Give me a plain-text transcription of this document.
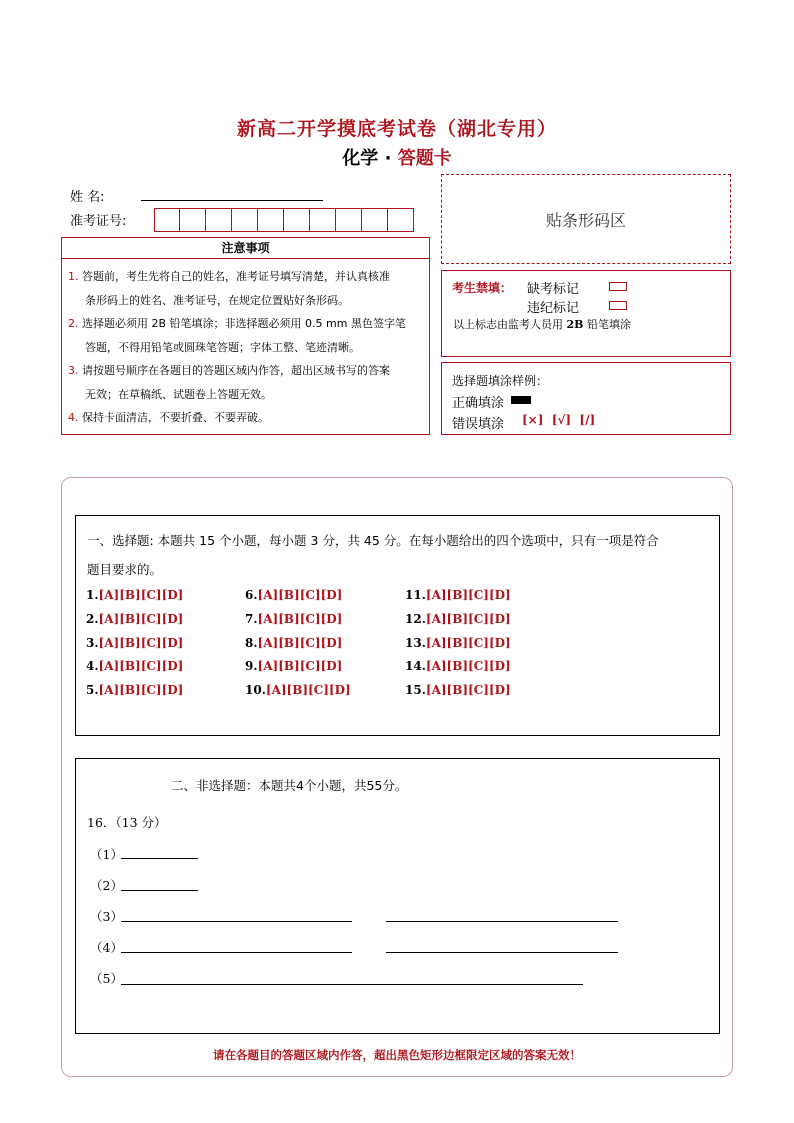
新高二开学摸底考试卷（湖北专用）
化学 · 答题卡
姓 名:
准考证号:	贴条形码区
注意事项

1. 答题前，考生先将自己的姓名，准考证号填写清楚，并认真核准

条形码上的姓名、准考证号，在规定位置贴好条形码。

2. 选择题必须用 2B 铅笔填涂；非选择题必须用 0.5 mm 黑色签字笔

答题，不得用铅笔或圆珠笔答题；字体工整、笔迹清晰。

3. 请按题号顺序在各题目的答题区域内作答，超出区域书写的答案

无效；在草稿纸、试题卷上答题无效。

4. 保持卡面清洁，不要折叠、不要弄破。

考生禁填： 缺考标记
违纪标记
以上标志由监考人员用 2B 铅笔填涂
选择题填涂样例：
正确填涂
错误填涂 [×] [√] [/]
一、选择题: 本题共 15 个小题，每小题 3 分，共 45 分。在每小题给出的四个选项中，只有一项是符合
题目要求的。
1.[A][B][C][D]
2.[A][B][C][D]
3.[A][B][C][D]
4.[A][B][C][D]
5.[A][B][C][D]
6.[A][B][C][D]
7.[A][B][C][D]
8.[A][B][C][D]
9.[A][B][C][D]
10.[A][B][C][D]
11.[A][B][C][D]
12.[A][B][C][D]
13.[A][B][C][D]
14.[A][B][C][D]
15.[A][B][C][D]
二、非选择题：本题共4个小题，共55分。
16．（13 分）
（1）
（2）
（3）
（4）
（5）
请在各题目的答题区域内作答，超出黑色矩形边框限定区域的答案无效！
